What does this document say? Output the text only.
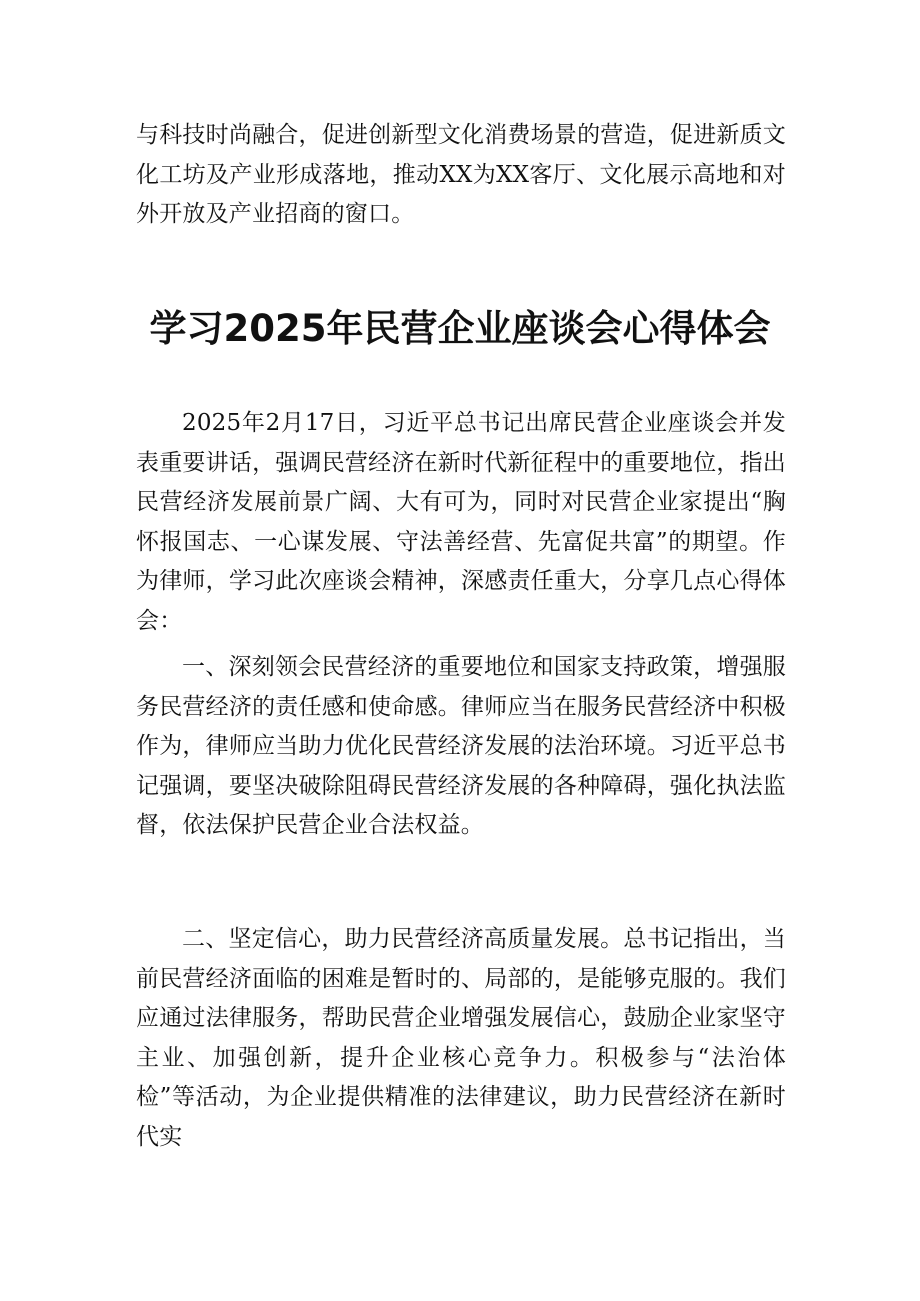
与科技时尚融合，促进创新型文化消费场景的营造，促进新质文化工坊及产业形成落地，推动XX为XX客厅、文化展示高地和对外开放及产业招商的窗口。

学习2025年民营企业座谈会心得体会

2025年2月17日，习近平总书记出席民营企业座谈会并发表重要讲话，强调民营经济在新时代新征程中的重要地位，指出民营经济发展前景广阔、大有可为，同时对民营企业家提出“胸怀报国志、一心谋发展、守法善经营、先富促共富”的期望。作为律师，学习此次座谈会精神，深感责任重大，分享几点心得体会：

一、深刻领会民营经济的重要地位和国家支持政策，增强服务民营经济的责任感和使命感。律师应当在服务民营经济中积极作为，律师应当助力优化民营经济发展的法治环境。习近平总书记强调，要坚决破除阻碍民营经济发展的各种障碍，强化执法监督，依法保护民营企业合法权益。

二、坚定信心，助力民营经济高质量发展。总书记指出，当前民营经济面临的困难是暂时的、局部的，是能够克服的。我们应通过法律服务，帮助民营企业增强发展信心，鼓励企业家坚守主业、加强创新，提升企业核心竞争力。积极参与“法治体检”等活动，为企业提供精准的法律建议，助力民营经济在新时代实
